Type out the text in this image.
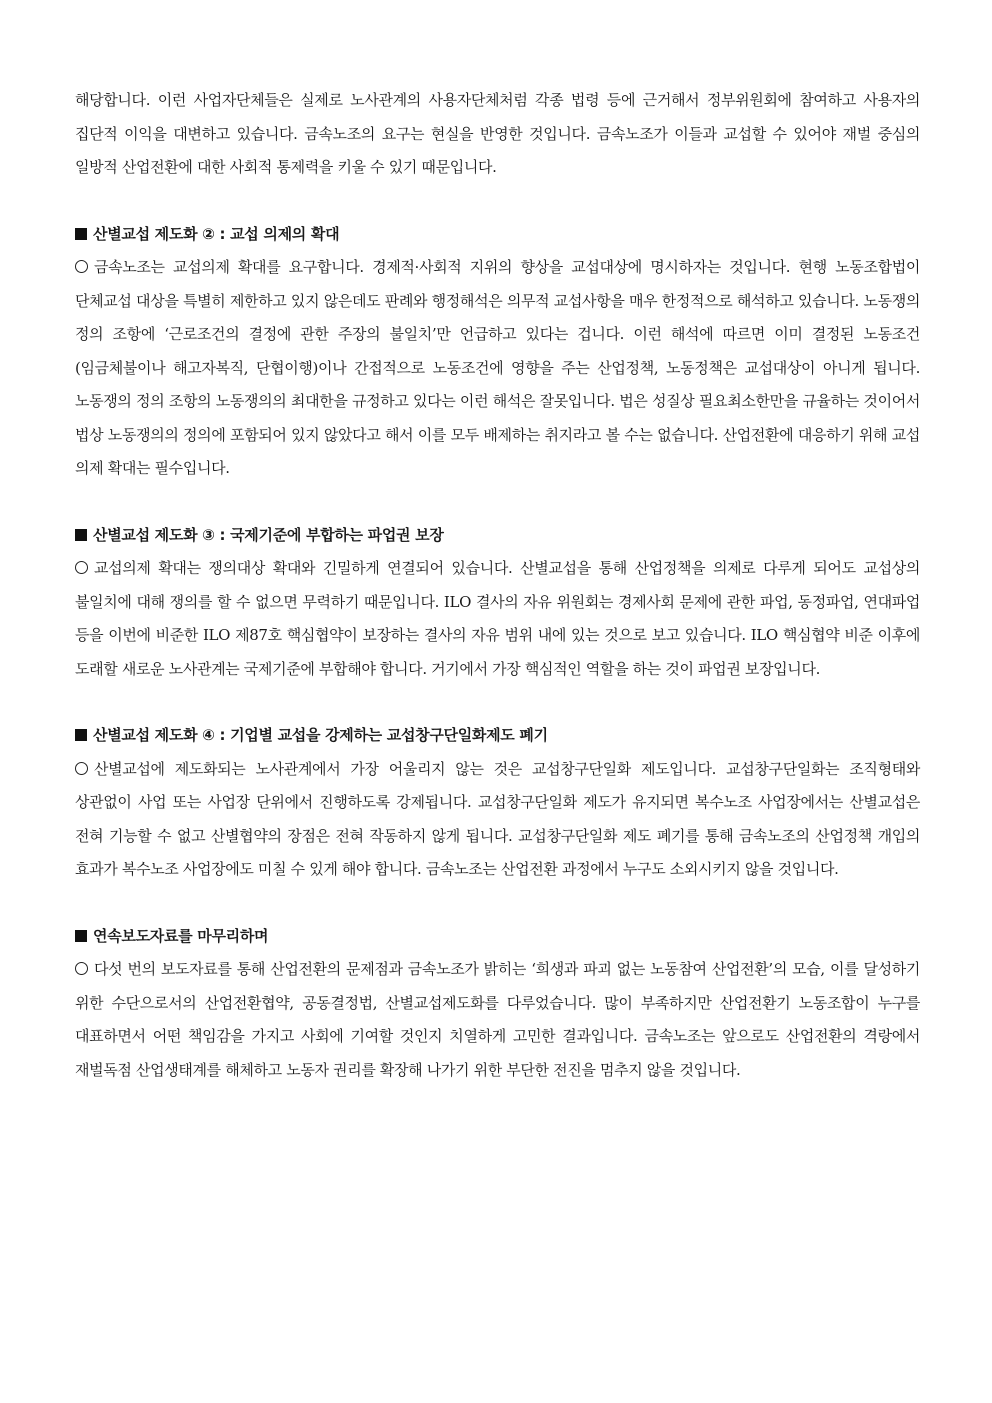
해당합니다. 이런 사업자단체들은 실제로 노사관계의 사용자단체처럼 각종 법령 등에 근거해서 정부위원회에 참여하고 사용자의 집단적 이익을 대변하고 있습니다. 금속노조의 요구는 현실을 반영한 것입니다. 금속노조가 이들과 교섭할 수 있어야 재벌 중심의 일방적 산업전환에 대한 사회적 통제력을 키울 수 있기 때문입니다.

산별교섭 제도화 ② : 교섭 의제의 확대

금속노조는 교섭의제 확대를 요구합니다. 경제적·사회적 지위의 향상을 교섭대상에 명시하자는 것입니다. 현행 노동조합법이 단체교섭 대상을 특별히 제한하고 있지 않은데도 판례와 행정해석은 의무적 교섭사항을 매우 한정적으로 해석하고 있습니다. 노동쟁의 정의 조항에 ‘근로조건의 결정에 관한 주장의 불일치’만 언급하고 있다는 겁니다. 이런 해석에 따르면 이미 결정된 노동조건(임금체불이나 해고자복직, 단협이행)이나 간접적으로 노동조건에 영향을 주는 산업정책, 노동정책은 교섭대상이 아니게 됩니다. 노동쟁의 정의 조항의 노동쟁의의 최대한을 규정하고 있다는 이런 해석은 잘못입니다. 법은 성질상 필요최소한만을 규율하는 것이어서 법상 노동쟁의의 정의에 포함되어 있지 않았다고 해서 이를 모두 배제하는 취지라고 볼 수는 없습니다. 산업전환에 대응하기 위해 교섭 의제 확대는 필수입니다.

산별교섭 제도화 ③ : 국제기준에 부합하는 파업권 보장

교섭의제 확대는 쟁의대상 확대와 긴밀하게 연결되어 있습니다. 산별교섭을 통해 산업정책을 의제로 다루게 되어도 교섭상의 불일치에 대해 쟁의를 할 수 없으면 무력하기 때문입니다. ILO 결사의 자유 위원회는 경제사회 문제에 관한 파업, 동정파업, 연대파업 등을 이번에 비준한 ILO 제87호 핵심협약이 보장하는 결사의 자유 범위 내에 있는 것으로 보고 있습니다. ILO 핵심협약 비준 이후에 도래할 새로운 노사관계는 국제기준에 부합해야 합니다. 거기에서 가장 핵심적인 역할을 하는 것이 파업권 보장입니다.

산별교섭 제도화 ④ : 기업별 교섭을 강제하는 교섭창구단일화제도 폐기

산별교섭에 제도화되는 노사관계에서 가장 어울리지 않는 것은 교섭창구단일화 제도입니다. 교섭창구단일화는 조직형태와 상관없이 사업 또는 사업장 단위에서 진행하도록 강제됩니다. 교섭창구단일화 제도가 유지되면 복수노조 사업장에서는 산별교섭은 전혀 기능할 수 없고 산별협약의 장점은 전혀 작동하지 않게 됩니다. 교섭창구단일화 제도 폐기를 통해 금속노조의 산업정책 개입의 효과가 복수노조 사업장에도 미칠 수 있게 해야 합니다. 금속노조는 산업전환 과정에서 누구도 소외시키지 않을 것입니다.

연속보도자료를 마무리하며

다섯 번의 보도자료를 통해 산업전환의 문제점과 금속노조가 밝히는 ‘희생과 파괴 없는 노동참여 산업전환’의 모습, 이를 달성하기 위한 수단으로서의 산업전환협약, 공동결정법, 산별교섭제도화를 다루었습니다. 많이 부족하지만 산업전환기 노동조합이 누구를 대표하면서 어떤 책임감을 가지고 사회에 기여할 것인지 치열하게 고민한 결과입니다. 금속노조는 앞으로도 산업전환의 격랑에서 재벌독점 산업생태계를 해체하고 노동자 권리를 확장해 나가기 위한 부단한 전진을 멈추지 않을 것입니다.
